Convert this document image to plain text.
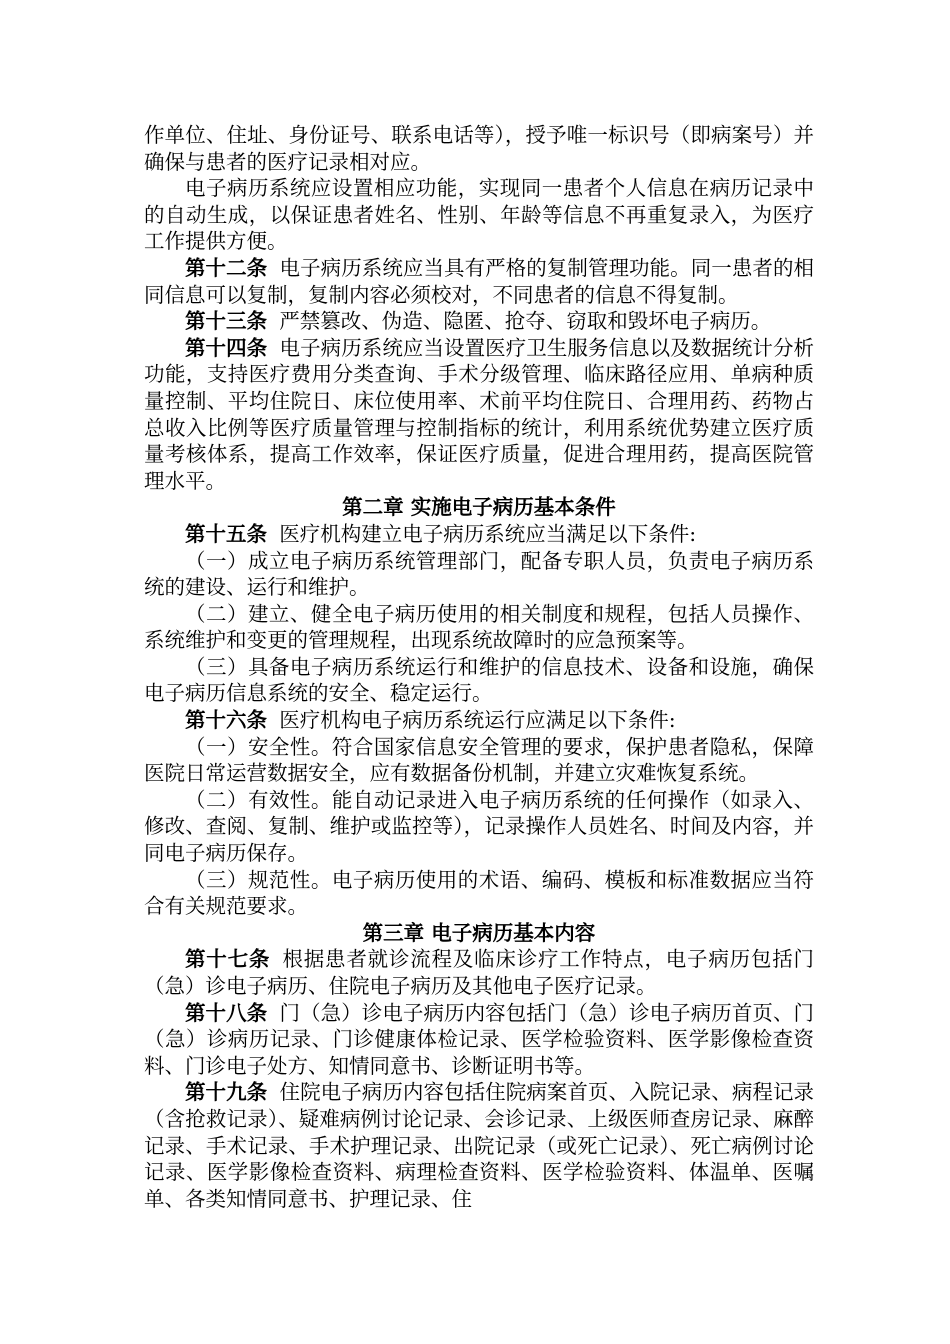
作单位、住址、身份证号、联系电话等），授予唯一标识号（即病案号）并确保与患者的医疗记录相对应。

电子病历系统应设置相应功能，实现同一患者个人信息在病历记录中的自动生成，以保证患者姓名、性别、年龄等信息不再重复录入，为医疗工作提供方便。

第十二条 电子病历系统应当具有严格的复制管理功能。同一患者的相同信息可以复制，复制内容必须校对，不同患者的信息不得复制。

第十三条 严禁篡改、伪造、隐匿、抢夺、窃取和毁坏电子病历。

第十四条 电子病历系统应当设置医疗卫生服务信息以及数据统计分析功能，支持医疗费用分类查询、手术分级管理、临床路径应用、单病种质量控制、平均住院日、床位使用率、术前平均住院日、合理用药、药物占总收入比例等医疗质量管理与控制指标的统计，利用系统优势建立医疗质量考核体系，提高工作效率，保证医疗质量，促进合理用药，提高医院管理水平。

第二章 实施电子病历基本条件

第十五条 医疗机构建立电子病历系统应当满足以下条件:

（一）成立电子病历系统管理部门，配备专职人员，负责电子病历系统的建设、运行和维护。

（二）建立、健全电子病历使用的相关制度和规程，包括人员操作、系统维护和变更的管理规程，出现系统故障时的应急预案等。

（三）具备电子病历系统运行和维护的信息技术、设备和设施，确保电子病历信息系统的安全、稳定运行。

第十六条 医疗机构电子病历系统运行应满足以下条件:

（一）安全性。符合国家信息安全管理的要求，保护患者隐私，保障医院日常运营数据安全，应有数据备份机制，并建立灾难恢复系统。

（二）有效性。能自动记录进入电子病历系统的任何操作（如录入、修改、查阅、复制、维护或监控等），记录操作人员姓名、时间及内容，并同电子病历保存。

（三）规范性。电子病历使用的术语、编码、模板和标准数据应当符合有关规范要求。

第三章 电子病历基本内容

第十七条 根据患者就诊流程及临床诊疗工作特点，电子病历包括门（急）诊电子病历、住院电子病历及其他电子医疗记录。

第十八条 门（急）诊电子病历内容包括门（急）诊电子病历首页、门（急）诊病历记录、门诊健康体检记录、医学检验资料、医学影像检查资料、门诊电子处方、知情同意书、诊断证明书等。

第十九条 住院电子病历内容包括住院病案首页、入院记录、病程记录（含抢救记录）、疑难病例讨论记录、会诊记录、上级医师查房记录、麻醉记录、手术记录、手术护理记录、出院记录（或死亡记录）、死亡病例讨论记录、医学影像检查资料、病理检查资料、医学检验资料、体温单、医嘱单、各类知情同意书、护理记录、住
